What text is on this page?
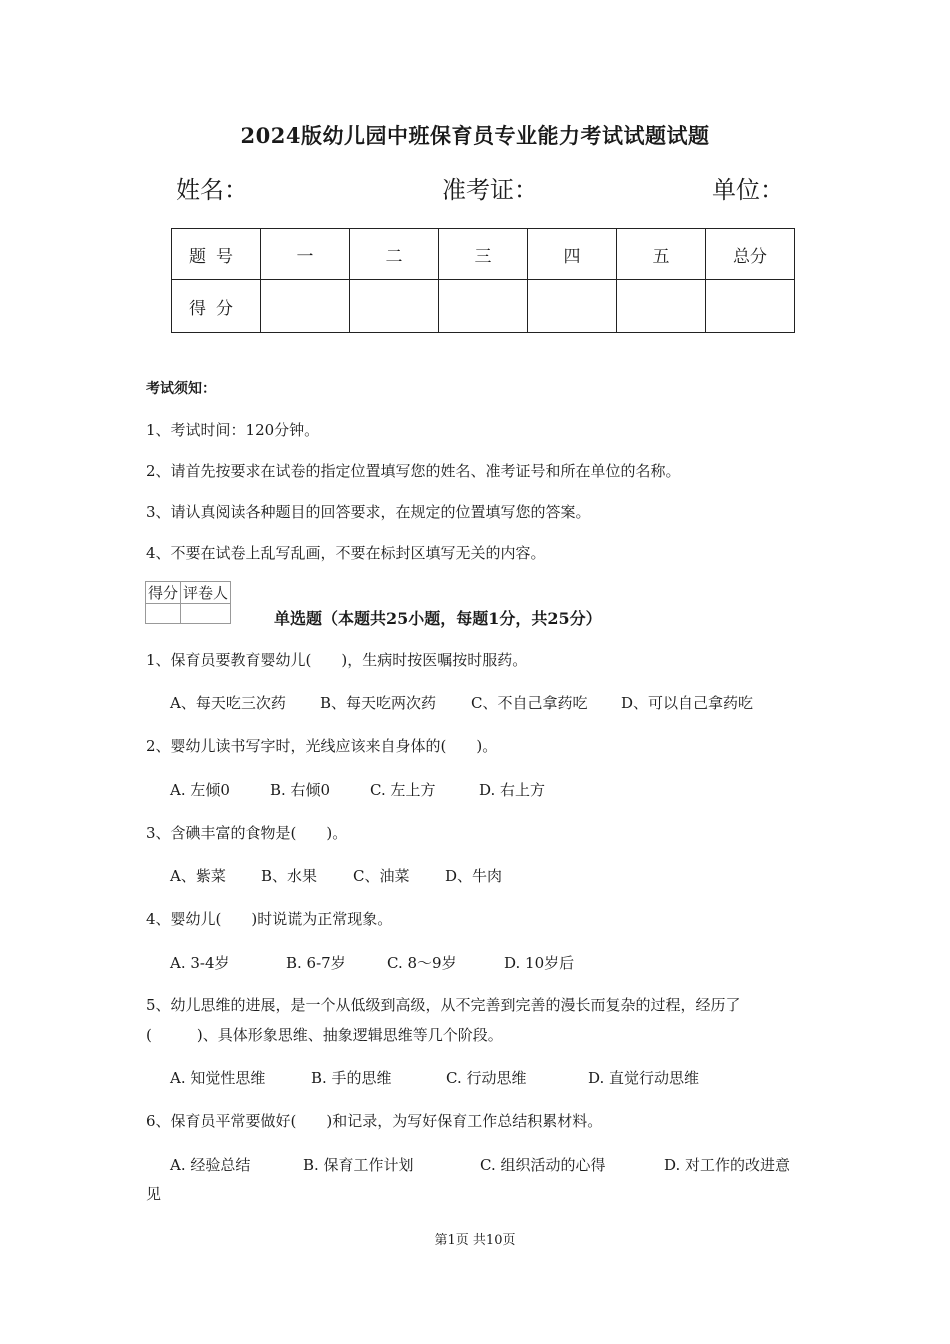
2024版幼儿园中班保育员专业能力考试试题试题
姓名：	准考证：	单位：
题号	一	二	三	四	五	总分
得分						
考试须知：
1、考试时间：120分钟。
2、请首先按要求在试卷的指定位置填写您的姓名、准考证号和所在单位的名称。
3、请认真阅读各种题目的回答要求，在规定的位置填写您的答案。
4、不要在试卷上乱写乱画，不要在标封区填写无关的内容。
得分	评卷人

单选题（本题共25小题，每题1分，共25分）
1、保育员要教育婴幼儿(　　)，生病时按医嘱按时服药。
A、每天吃三次药 B、每天吃两次药 C、不自己拿药吃 D、可以自己拿药吃
2、婴幼儿读书写字时，光线应该来自身体的(　　)。
A. 左倾0	B. 右倾0	C. 左上方	D. 右上方
3、含碘丰富的食物是(　　)。
A、紫菜 B、水果 C、油菜 D、牛肉
4、婴幼儿(　　)时说谎为正常现象。
A. 3-4岁	B. 6-7岁	C. 8～9岁	D. 10岁后
5、幼儿思维的进展，是一个从低级到高级，从不完善到完善的漫长而复杂的过程，经历了
(　　　)、具体形象思维、抽象逻辑思维等几个阶段。
A. 知觉性思维	B. 手的思维	C. 行动思维	D. 直觉行动思维
6、保育员平常要做好(　　)和记录，为写好保育工作总结积累材料。
A. 经验总结	B. 保育工作计划	C. 组织活动的心得	D. 对工作的改进意
见
第1页 共10页
